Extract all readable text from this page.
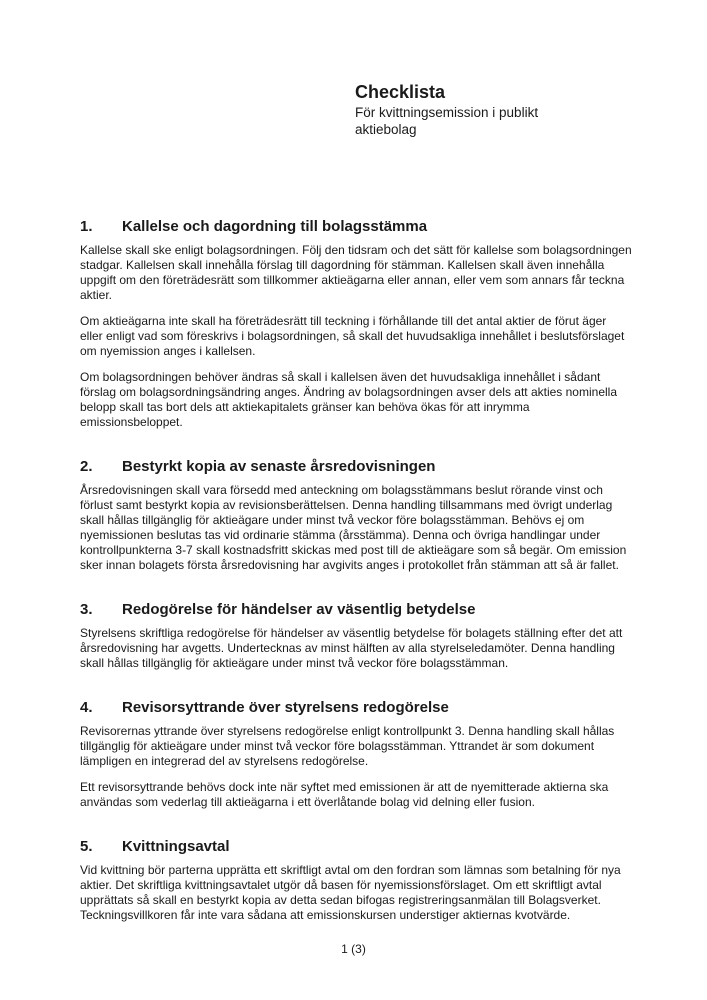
Checklista

För kvittningsemission i publikt aktiebolag

1.	Kallelse och dagordning till bolagsstämma

Kallelse skall ske enligt bolagsordningen. Följ den tidsram och det sätt för kallelse som bolagsordningen stadgar. Kallelsen skall innehålla förslag till dagordning för stämman. Kallelsen skall även innehålla uppgift om den företrädesrätt som tillkommer aktieägarna eller annan, eller vem som annars får teckna aktier.

Om aktieägarna inte skall ha företrädesrätt till teckning i förhållande till det antal aktier de förut äger eller enligt vad som föreskrivs i bolagsordningen, så skall det huvudsakliga innehållet i beslutsförslaget om nyemission anges i kallelsen.

Om bolagsordningen behöver ändras så skall i kallelsen även det huvudsakliga innehållet i sådant förslag om bolagsordningsändring anges. Ändring av bolagsordningen avser dels att akties nominella belopp skall tas bort dels att aktiekapitalets gränser kan behöva ökas för att inrymma emissionsbeloppet.

2.	Bestyrkt kopia av senaste årsredovisningen

Årsredovisningen skall vara försedd med anteckning om bolagsstämmans beslut rörande vinst och förlust samt bestyrkt kopia av revisionsberättelsen. Denna handling tillsammans med övrigt underlag skall hållas tillgänglig för aktieägare under minst två veckor före bolagsstämman. Behövs ej om nyemissionen beslutas tas vid ordinarie stämma (årsstämma). Denna och övriga handlingar under kontrollpunkterna 3-7 skall kostnadsfritt skickas med post till de aktieägare som så begär. Om emission sker innan bolagets första årsredovisning har avgivits anges i protokollet från stämman att så är fallet.

3.	Redogörelse för händelser av väsentlig betydelse

Styrelsens skriftliga redogörelse för händelser av väsentlig betydelse för bolagets ställning efter det att årsredovisning har avgetts. Undertecknas av minst hälften av alla styrelseledamöter. Denna handling skall hållas tillgänglig för aktieägare under minst två veckor före bolagsstämman.

4.	Revisorsyttrande över styrelsens redogörelse

Revisorernas yttrande över styrelsens redogörelse enligt kontrollpunkt 3. Denna handling skall hållas tillgänglig för aktieägare under minst två veckor före bolagsstämman. Yttrandet är som dokument lämpligen en integrerad del av styrelsens redogörelse.

Ett revisorsyttrande behövs dock inte när syftet med emissionen är att de nyemitterade aktierna ska användas som vederlag till aktieägarna i ett överlåtande bolag vid delning eller fusion.

5.	Kvittningsavtal

Vid kvittning bör parterna upprätta ett skriftligt avtal om den fordran som lämnas som betalning för nya aktier. Det skriftliga kvittningsavtalet utgör då basen för nyemissionsförslaget. Om ett skriftligt avtal upprättats så skall en bestyrkt kopia av detta sedan bifogas registreringsanmälan till Bolagsverket. Teckningsvillkoren får inte vara sådana att emissionskursen understiger aktiernas kvotvärde.

1 (3)
